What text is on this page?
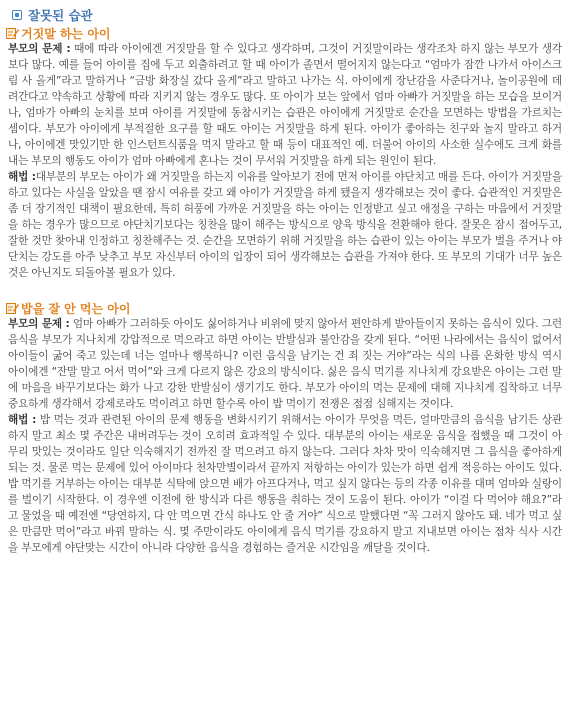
잘못된 습관
거짓말 하는 아이

부모의 문제 : 때에 따라 아이에겐 거짓말을 할 수 있다고 생각하며, 그것이 거짓말이라는 생각조차 하지 않는 부모가 생각보다 많다. 예를 들어 아이를 집에 두고 외출하려고 할 때 아이가 졸면서 떨어지지 않는다고 “엄마가 잠깐 나가서 아이스크림 사 올게”라고 말하거나 “금방 화장실 갔다 올게”라고 말하고 나가는 식. 아이에게 장난감을 사준다거나, 놀이공원에 데려간다고 약속하고 상황에 따라 지키지 않는 경우도 많다. 또 아이가 보는 앞에서 엄마 아빠가 거짓말을 하는 모습을 보이거나, 엄마가 아빠의 눈치를 보며 아이를 거짓말에 동참시키는 습관은 아이에게 거짓말로 순간을 모면하는 방법을 가르치는 셈이다. 부모가 아이에게 부적절한 요구를 할 때도 아이는 거짓말을 하게 된다. 아이가 좋아하는 친구와 놀지 말라고 하거나, 아이에겐 맛있기만 한 인스턴트식품을 먹지 말라고 할 때 등이 대표적인 예. 더불어 아이의 사소한 실수에도 크게 화를 내는 부모의 행동도 아이가 엄마 아빠에게 혼나는 것이 무서워 거짓말을 하게 되는 원인이 된다.

해법 :대부분의 부모는 아이가 왜 거짓말을 하는지 이유를 알아보기 전에 먼저 아이를 야단치고 매를 든다. 아이가 거짓말을 하고 있다는 사실을 알았을 땐 잠시 여유를 갖고 왜 아이가 거짓말을 하게 됐을지 생각해보는 것이 좋다. 습관적인 거짓말은 좀 더 장기적인 대책이 필요한데, 특히 허풍에 가까운 거짓말을 하는 아이는 인정받고 싶고 애정을 구하는 마음에서 거짓말을 하는 경우가 많으므로 야단치기보다는 칭찬을 많이 해주는 방식으로 양육 방식을 전환해야 한다. 잘못은 잠시 접어두고, 잘한 것만 찾아내 인정하고 칭찬해주는 것. 순간을 모면하기 위해 거짓말을 하는 습관이 있는 아이는 부모가 벌을 주거나 야단치는 강도를 아주 낮추고 부모 자신부터 아이의 입장이 되어 생각해보는 습관을 가져야 한다. 또 부모의 기대가 너무 높은 것은 아닌지도 되돌아볼 필요가 있다.

밥을 잘 안 먹는 아이

부모의 문제 : 엄마 아빠가 그러하듯 아이도 싫어하거나 비위에 맞지 않아서 편안하게 받아들이지 못하는 음식이 있다. 그런 음식을 부모가 지나치게 강압적으로 먹으라고 하면 아이는 반발심과 불안감을 갖게 된다. “어떤 나라에서는 음식이 없어서 아이들이 굶어 죽고 있는데 너는 얼마나 행복하니? 이런 음식을 남기는 건 죄 짓는 거야”라는 식의 나름 온화한 방식 역시 아이에겐 “잔말 말고 어서 먹어”와 크게 다르지 않은 강요의 방식이다. 싫은 음식 먹기를 지나치게 강요받은 아이는 그런 말에 마음을 바꾸기보다는 화가 나고 강한 반발심이 생기기도 한다. 부모가 아이의 먹는 문제에 대해 지나치게 집착하고 너무 중요하게 생각해서 강제로라도 먹이려고 하면 할수록 아이 밥 먹이기 전쟁은 점점 심해지는 것이다.

해법 : 밥 먹는 것과 관련된 아이의 문제 행동을 변화시키기 위해서는 아이가 무엇을 먹든, 얼마만큼의 음식을 남기든 상관하지 말고 최소 몇 주간은 내버려두는 것이 오히려 효과적일 수 있다. 대부분의 아이는 새로운 음식을 접했을 때 그것이 아무리 맛있는 것이라도 일단 익숙해지기 전까진 잘 먹으려고 하지 않는다. 그러다 차차 맛이 익숙해지면 그 음식을 좋아하게 되는 것. 물론 먹는 문제에 있어 아이마다 천차만별이라서 끝까지 저항하는 아이가 있는가 하면 쉽게 적응하는 아이도 있다. 밥 먹기를 거부하는 아이는 대부분 식탁에 앉으면 배가 아프다거나, 먹고 싶지 않다는 등의 각종 이유를 대며 엄마와 실랑이를 벌이기 시작한다. 이 경우엔 이전에 한 방식과 다른 행동을 취하는 것이 도움이 된다. 아이가 “이걸 다 먹어야 해요?”라고 물었을 때 예전엔 “당연하지, 다 안 먹으면 간식 하나도 안 줄 거야” 식으로 말했다면 “꼭 그러지 않아도 돼. 네가 먹고 싶은 만큼만 먹어”라고 바꿔 말하는 식. 몇 주만이라도 아이에게 음식 먹기를 강요하지 말고 지내보면 아이는 점차 식사 시간을 부모에게 야단맞는 시간이 아니라 다양한 음식을 경험하는 즐거운 시간임을 깨달을 것이다.
